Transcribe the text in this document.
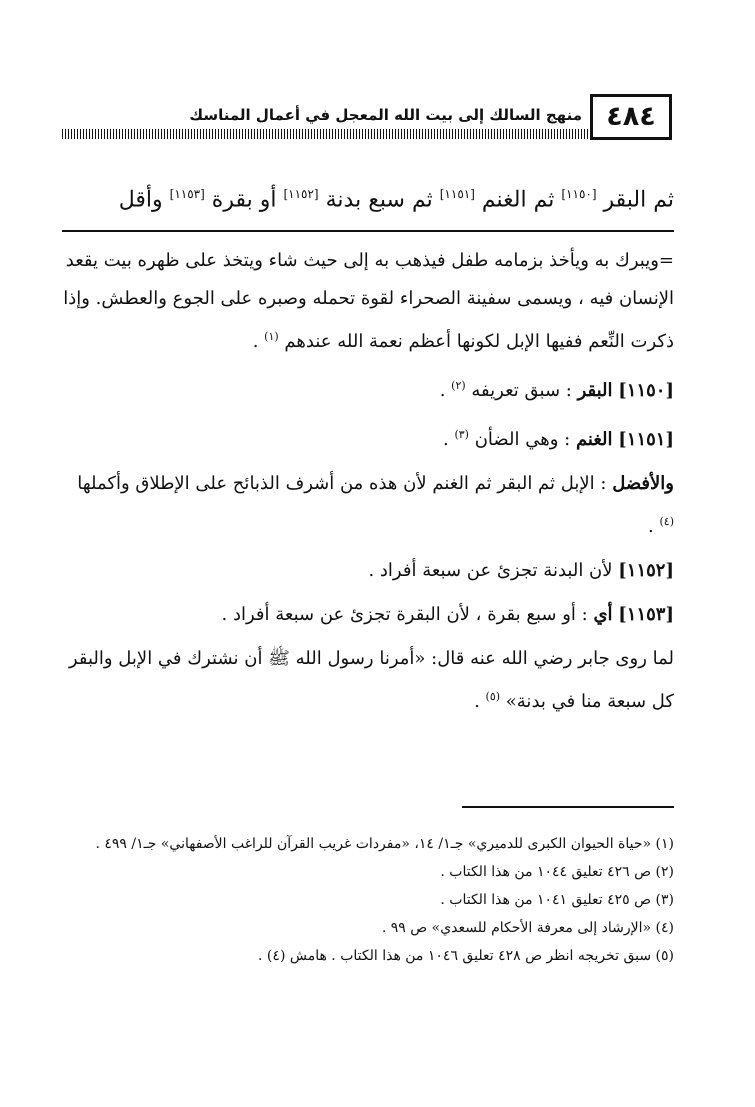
٤٨٤
منهج السالك إلى بيت الله المعجل في أعمال المناسك
ثم البقر [١١٥٠] ثم الغنم [١١٥١] ثم سبع بدنة [١١٥٢] أو بقرة [١١٥٣] وأقل

=ويبرك به ويأخذ بزمامه طفل فيذهب به إلى حيث شاء ويتخذ على ظهره بيت يقعد الإنسان فيه ، ويسمى سفينة الصحراء لقوة تحمله وصبره على الجوع والعطش. وإذا ذكرت النِّعم ففيها الإبل لكونها أعظم نعمة الله عندهم $^{(١)}$ .

[١١٥٠] البقر : سبق تعريفه $^{(٢)}$ .

[١١٥١] الغنم : وهي الضأن $^{(٣)}$ .

والأفضل : الإبل ثم البقر ثم الغنم لأن هذه من أشرف الذبائح على الإطلاق وأكملها $^{(٤)}$ .

[١١٥٢] لأن البدنة تجزئ عن سبعة أفراد .

[١١٥٣] أي : أو سبع بقرة ، لأن البقرة تجزئ عن سبعة أفراد .

لما روى جابر رضي الله عنه قال: «أمرنا رسول الله ﷺ أن نشترك في الإبل والبقر كل سبعة منا في بدنة» $^{(٥)}$ .

(١) «حياة الحيوان الكبرى للدميري» جـ١/ ١٤، «مفردات غريب القرآن للراغب الأصفهاني» جـ١/ ٤٩٩ .

(٢) ص ٤٢٦ تعليق ١٠٤٤ من هذا الكتاب .

(٣) ص ٤٢٥ تعليق ١٠٤١ من هذا الكتاب .

(٤) «الإرشاد إلى معرفة الأحكام للسعدي» ص ٩٩ .

(٥) سبق تخريجه انظر ص ٤٢٨ تعليق ١٠٤٦ من هذا الكتاب . هامش (٤) .
